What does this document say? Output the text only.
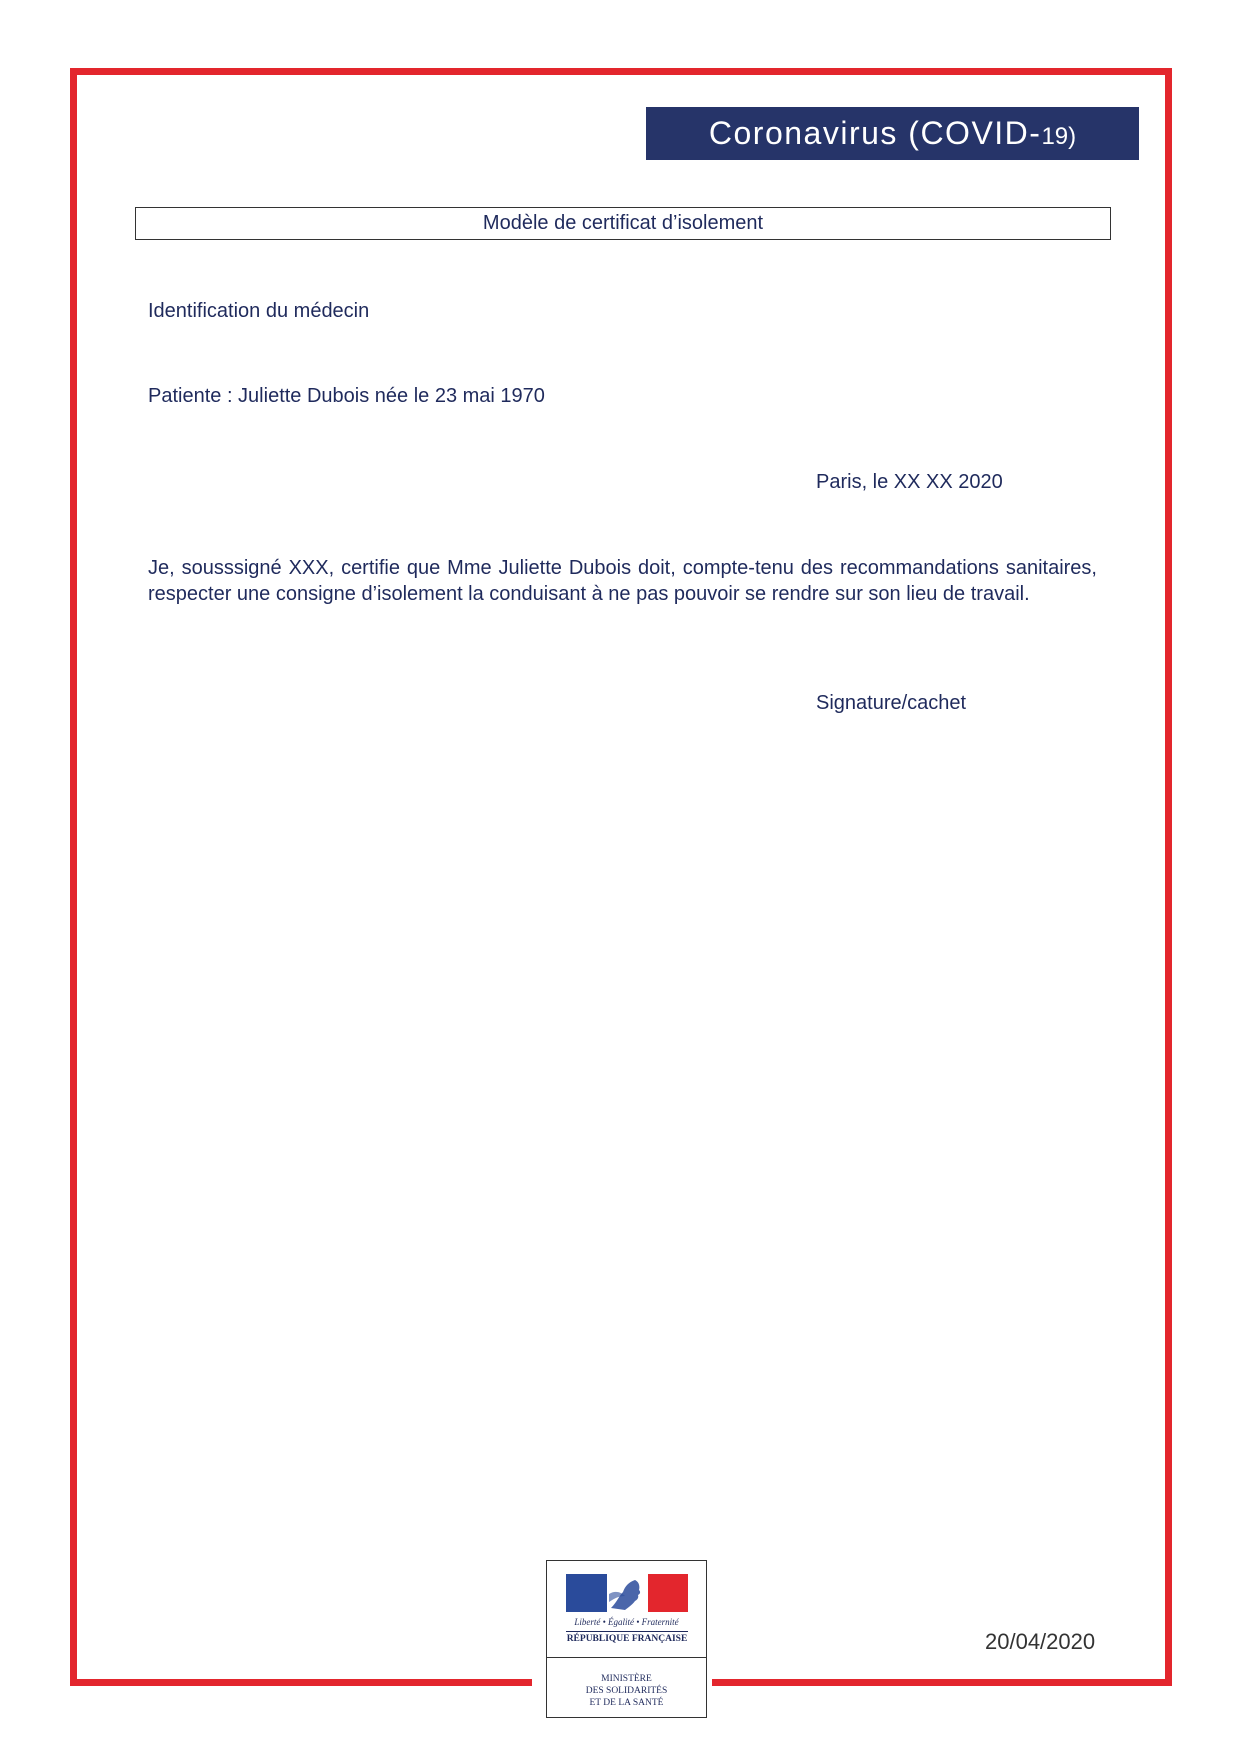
Coronavirus (COVID- 19)
Modèle de certificat d’isolement
Identification du médecin
Patiente : Juliette Dubois née le 23 mai 1970
Paris, le XX XX 2020
Je, sousssigné XXX, certifie que Mme Juliette Dubois doit, compte-tenu des recommandations sanitaires, respecter une consigne d’isolement la conduisant à ne pas pouvoir se rendre sur son lieu de travail.
Signature/cachet
20/04/2020
Liberté • Égalité • Fraternité
RÉPUBLIQUE FRANÇAISE
MINISTÈRE
DES SOLIDARITÉS
ET DE LA SANTÉ
